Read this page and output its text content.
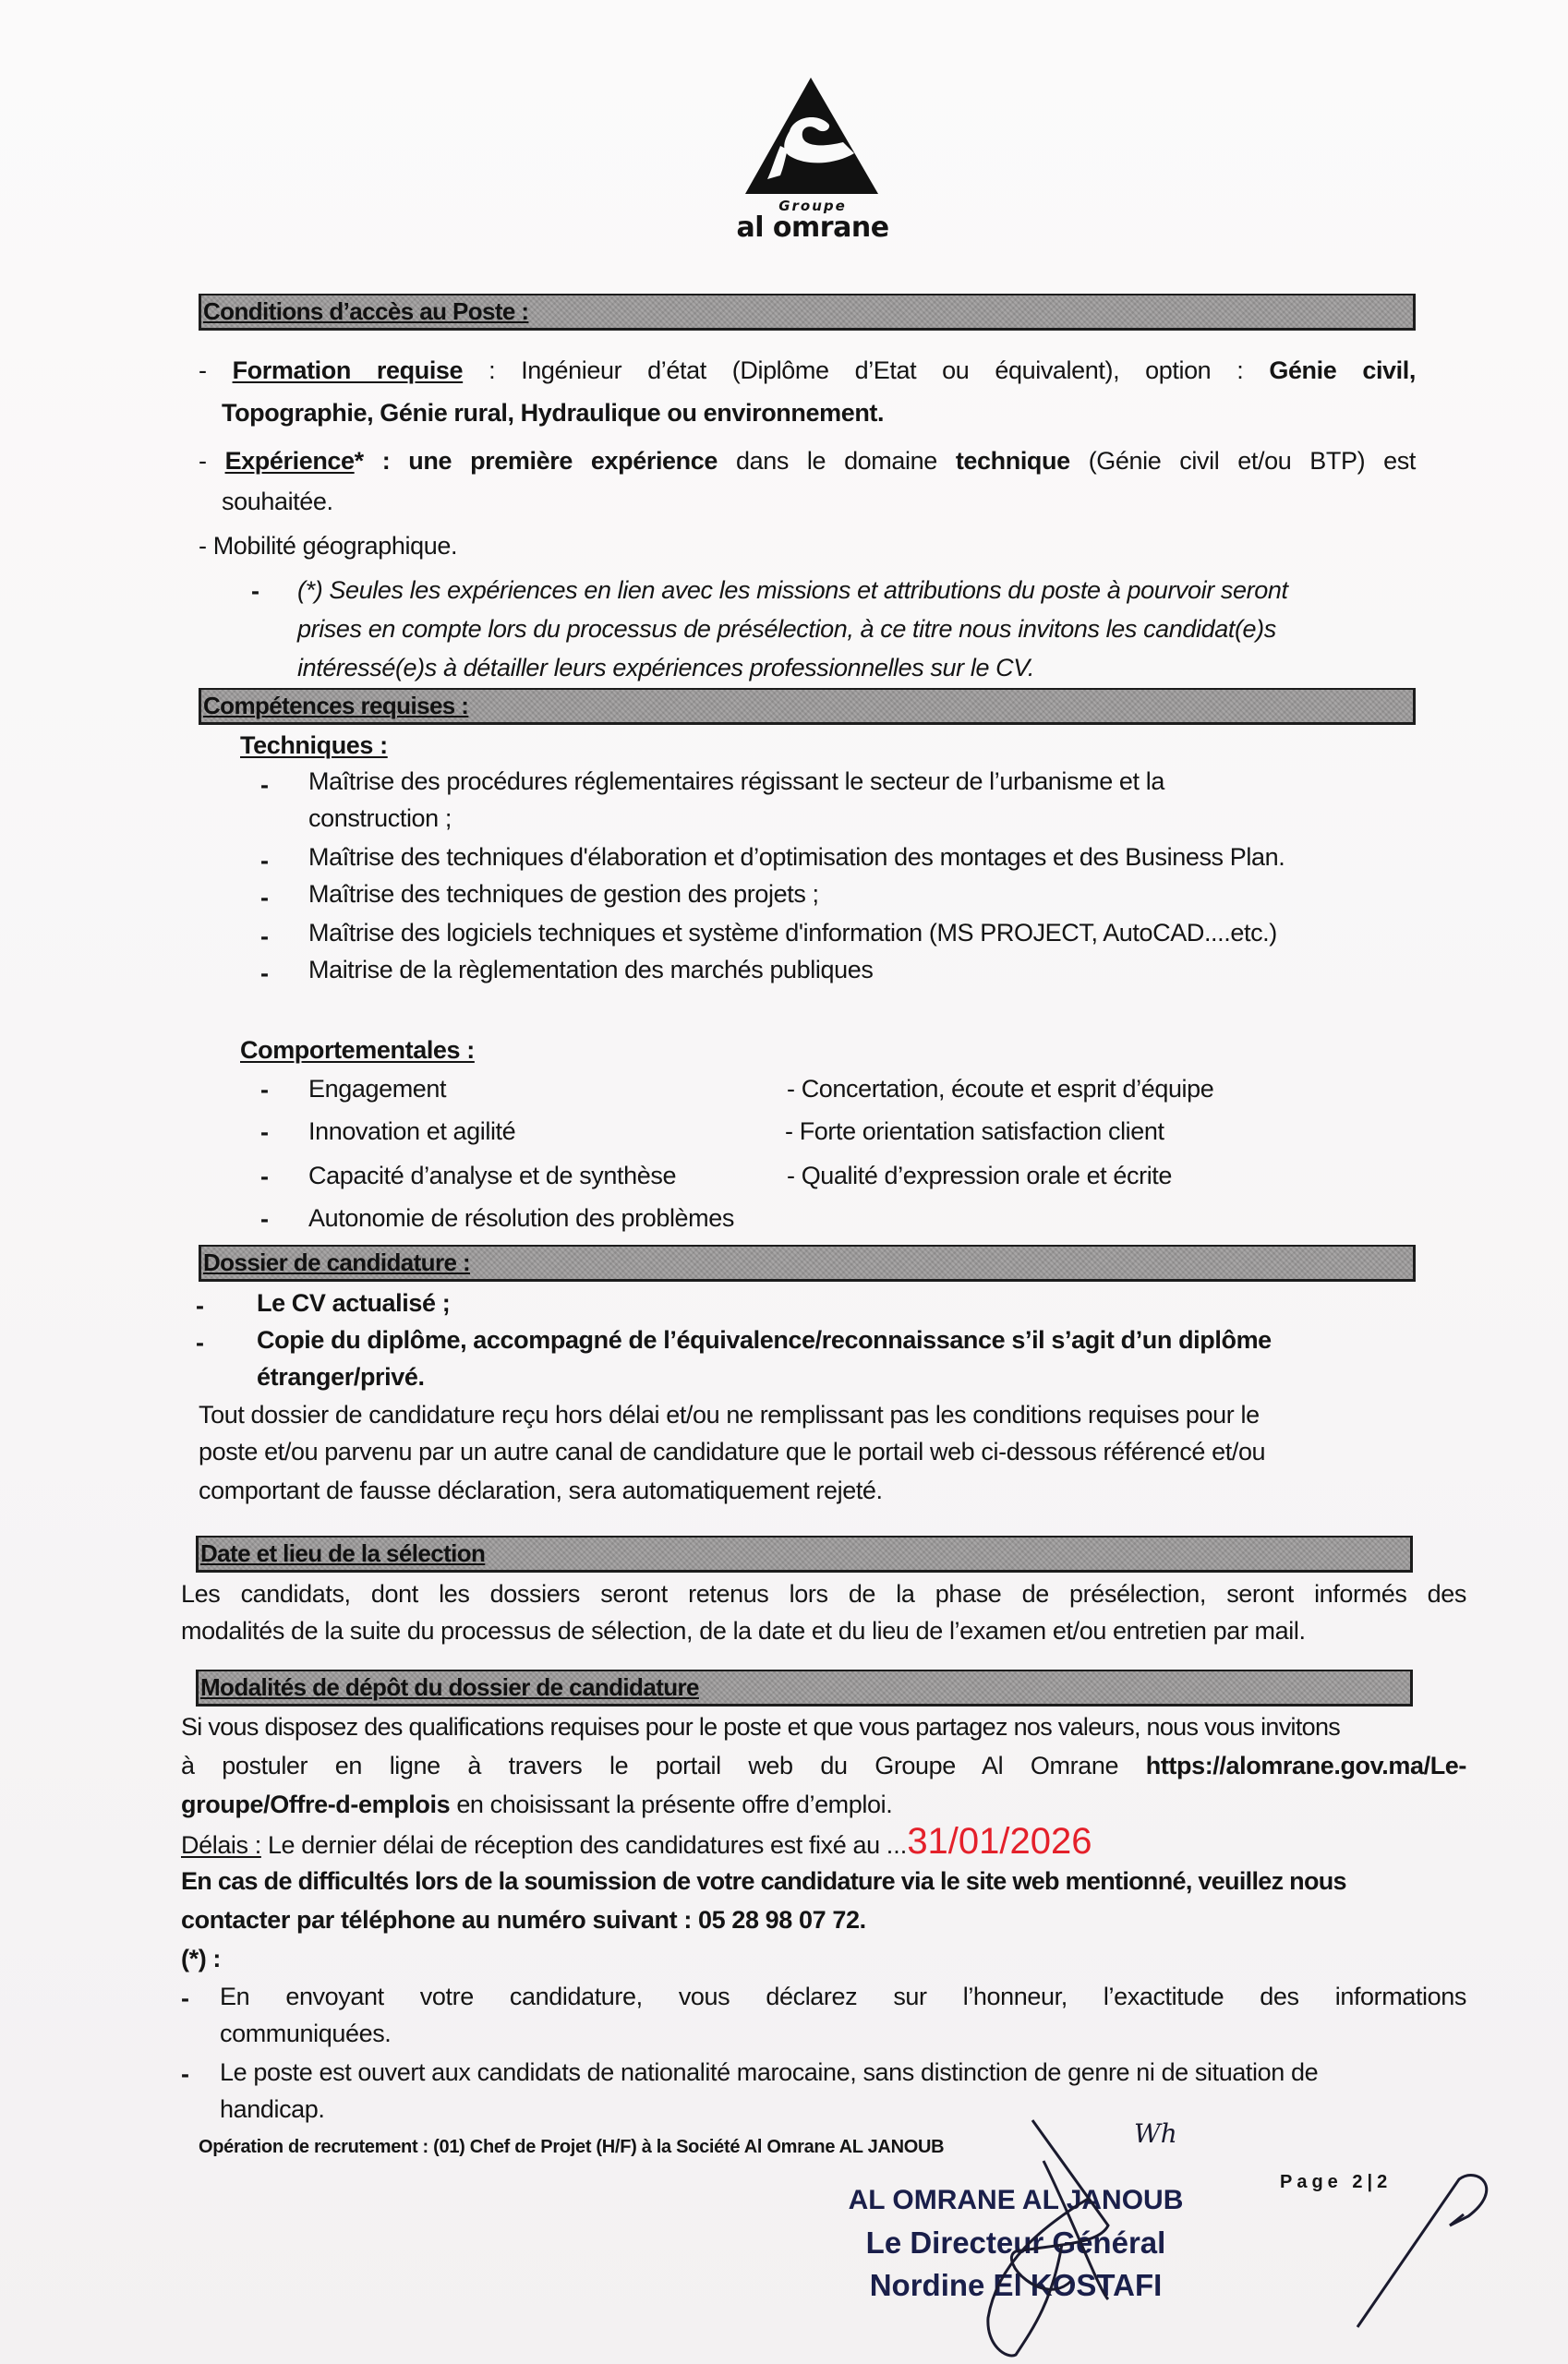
Groupe
al omrane
Conditions d’accès au Poste :
- Formation requise : Ingénieur d’état (Diplôme d’Etat ou équivalent), option : Génie civil,
Topographie, Génie rural, Hydraulique ou environnement.
- Expérience* : une première expérience dans le domaine technique (Génie civil et/ou BTP) est
souhaitée.
- Mobilité géographique.
- (*) Seules les expériences en lien avec les missions et attributions du poste à pourvoir seront
prises en compte lors du processus de présélection, à ce titre nous invitons les candidat(e)s
intéressé(e)s à détailler leurs expériences professionnelles sur le CV.
Compétences requises :
Techniques :
- Maîtrise des procédures réglementaires régissant le secteur de l’urbanisme et la
construction ;
- Maîtrise des techniques d'élaboration et d’optimisation des montages et des Business Plan.
- Maîtrise des techniques de gestion des projets ;
- Maîtrise des logiciels techniques et système d'information (MS PROJECT, AutoCAD....etc.)
- Maitrise de la règlementation des marchés publiques
Comportementales :
- Engagement
- Innovation et agilité
- Capacité d’analyse et de synthèse
- Autonomie de résolution des problèmes
- Concertation, écoute et esprit d’équipe
- Forte orientation satisfaction client
- Qualité d’expression orale et écrite
Dossier de candidature :
- Le CV actualisé ;
- Copie du diplôme, accompagné de l’équivalence/reconnaissance s’il s’agit d’un diplôme
étranger/privé.
Tout dossier de candidature reçu hors délai et/ou ne remplissant pas les conditions requises pour le
poste et/ou parvenu par un autre canal de candidature que le portail web ci-dessous référencé et/ou
comportant de fausse déclaration, sera automatiquement rejeté.
Date et lieu de la sélection
Les candidats, dont les dossiers seront retenus lors de la phase de présélection, seront informés des
modalités de la suite du processus de sélection, de la date et du lieu de l’examen et/ou entretien par mail.
Modalités de dépôt du dossier de candidature
Si vous disposez des qualifications requises pour le poste et que vous partagez nos valeurs, nous vous invitons
à postuler en ligne à travers le portail web du Groupe Al Omrane https://alomrane.gov.ma/Le-
groupe/Offre-d-emplois en choisissant la présente offre d’emploi.
Délais : Le dernier délai de réception des candidatures est fixé au ...31/01/2026
En cas de difficultés lors de la soumission de votre candidature via le site web mentionné, veuillez nous
contacter par téléphone au numéro suivant : 05 28 98 07 72.
(*) :
- En envoyant votre candidature, vous déclarez sur l’honneur, l’exactitude des informations
communiquées.
- Le poste est ouvert aux candidats de nationalité marocaine, sans distinction de genre ni de situation de
handicap.
Opération de recrutement : (01) Chef de Projet (H/F) à la Société Al Omrane AL JANOUB
Page 2|2
AL OMRANE AL JANOUB
Le Directeur Général
Nordine El KOSTAFI
Wh
